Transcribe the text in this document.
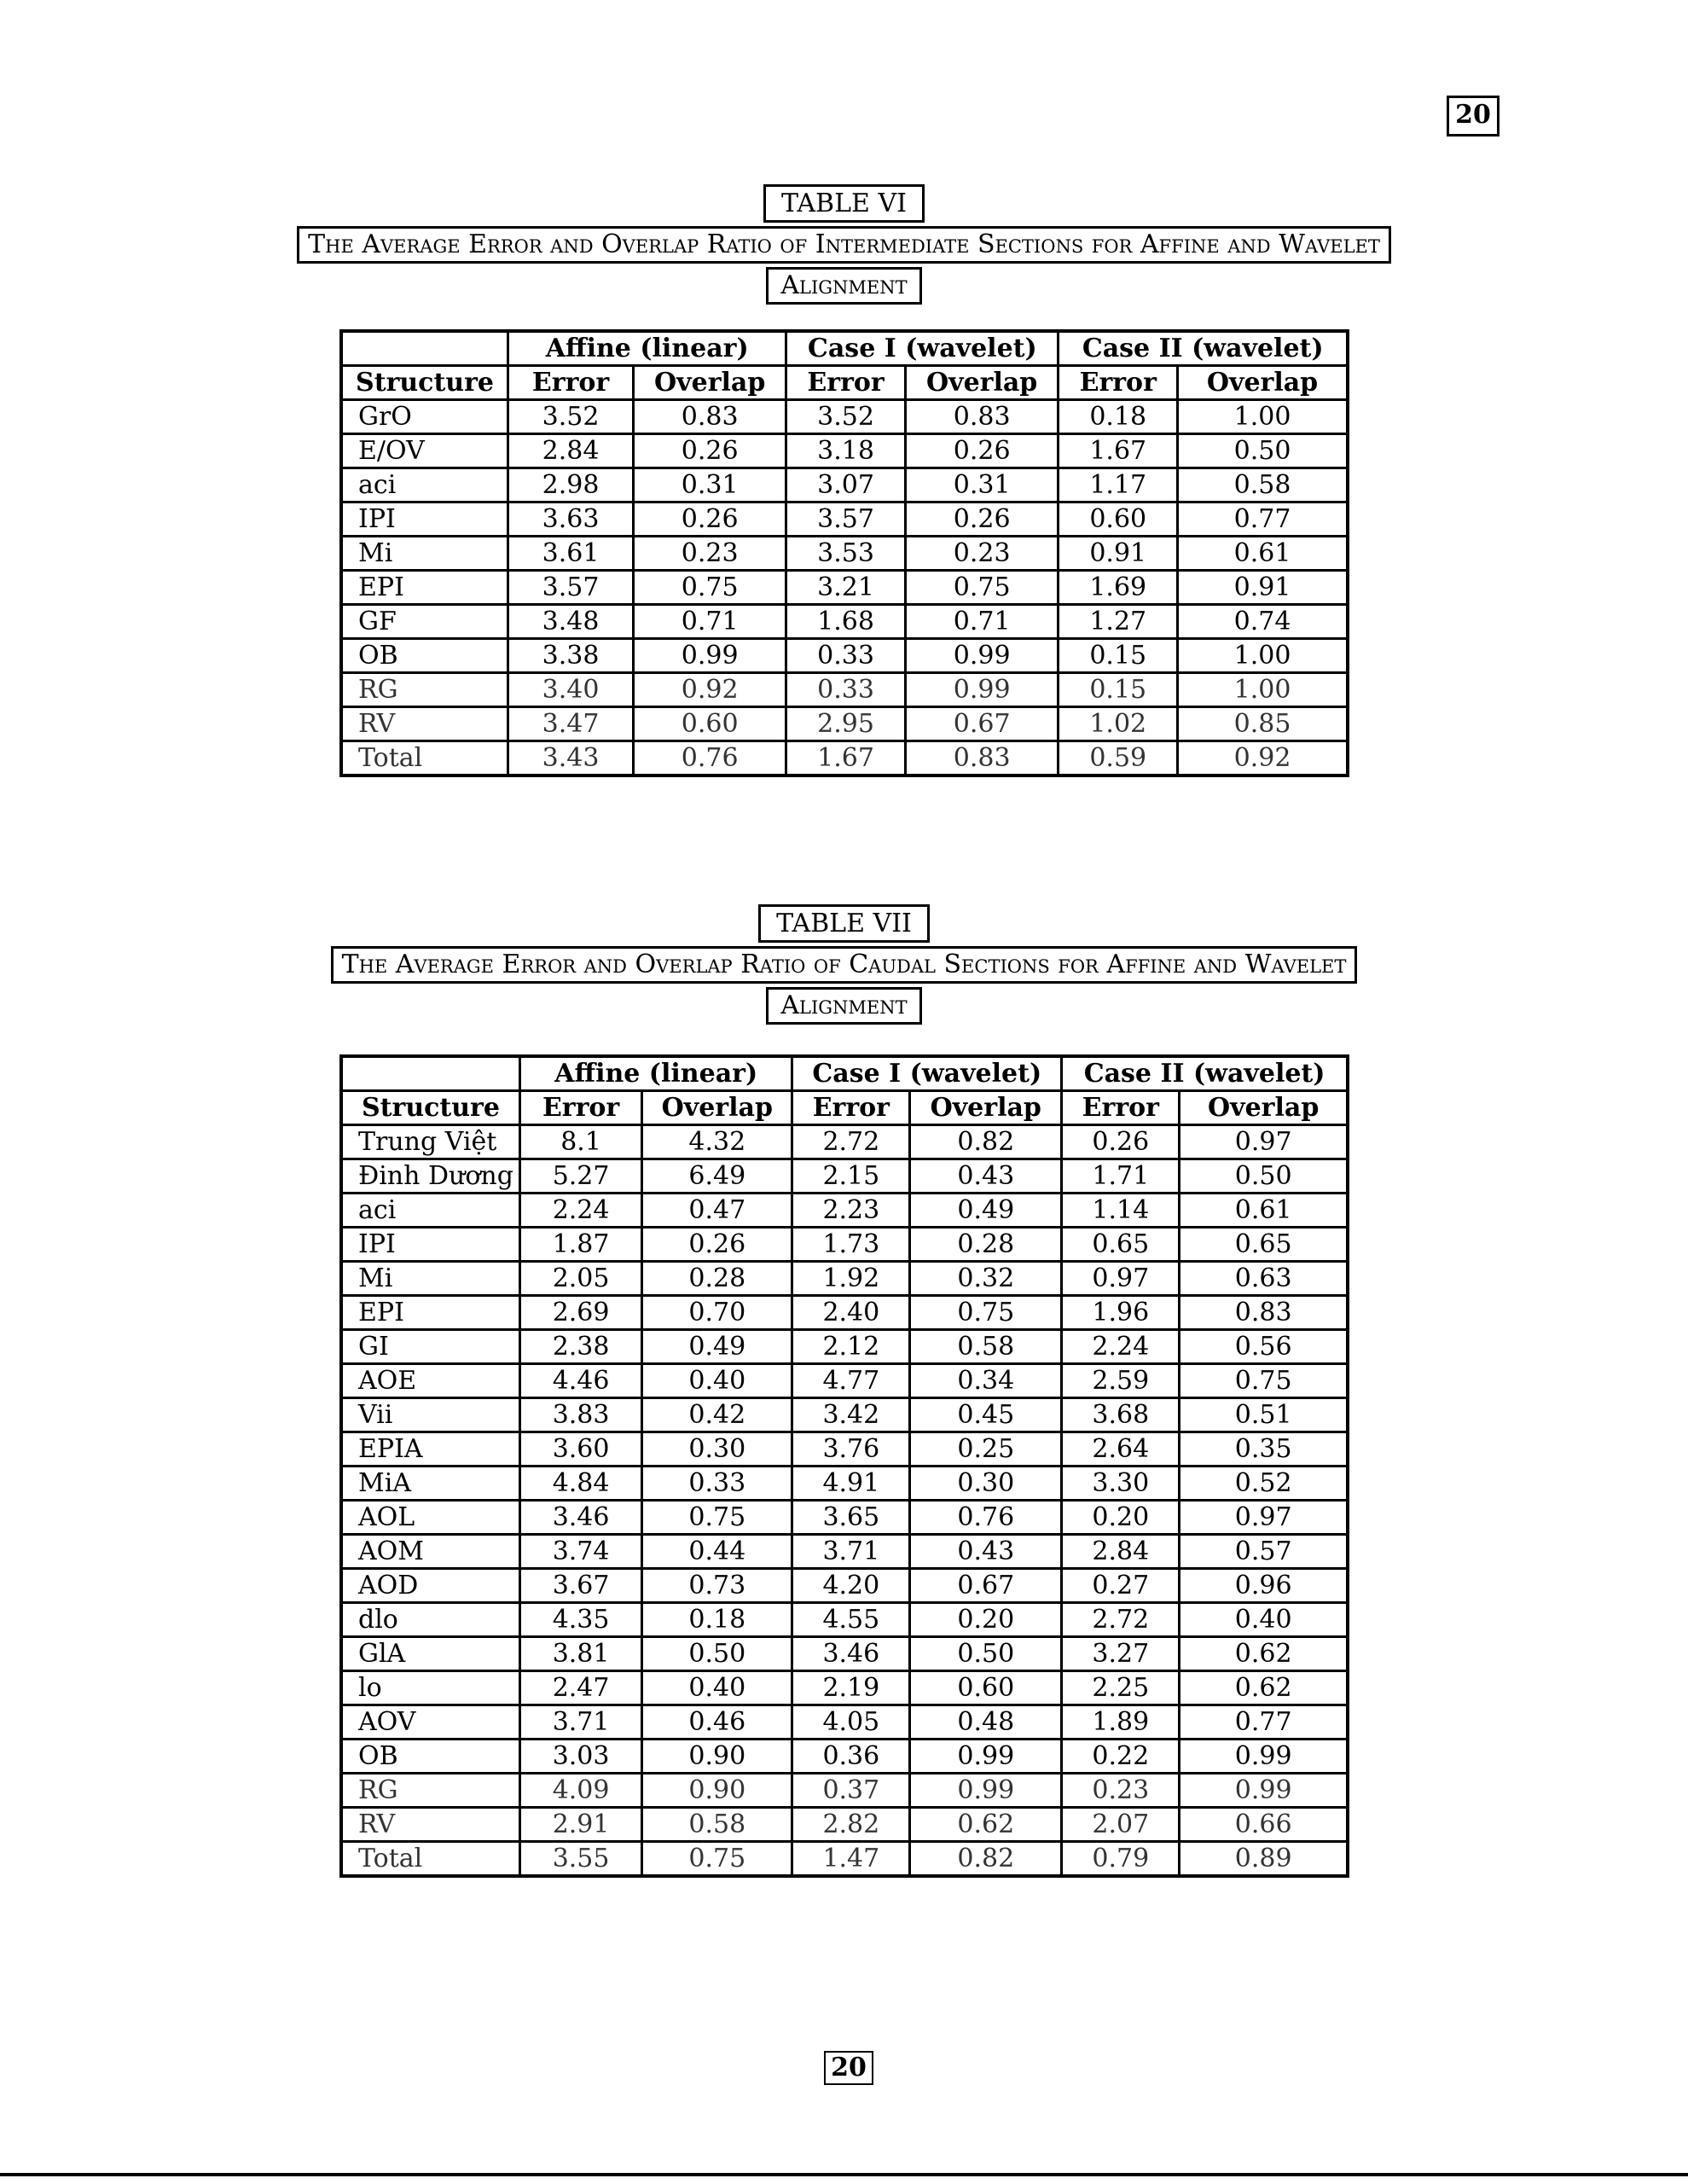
20
TABLE VI
The Average Error and Overlap Ratio of Intermediate Sections for Affine and Wavelet
Alignment
	Affine (linear)		Case I (wavelet)		Case II (wavelet)	
Structure	Error	Overlap	Error	Overlap	Error	Overlap
GrO	3.52	0.83	3.52	0.83	0.18	1.00
E/OV	2.84	0.26	3.18	0.26	1.67	0.50
aci	2.98	0.31	3.07	0.31	1.17	0.58
IPI	3.63	0.26	3.57	0.26	0.60	0.77
Mi	3.61	0.23	3.53	0.23	0.91	0.61
EPI	3.57	0.75	3.21	0.75	1.69	0.91
GF	3.48	0.71	1.68	0.71	1.27	0.74
OB	3.38	0.99	0.33	0.99	0.15	1.00
RG	3.40	0.92	0.33	0.99	0.15	1.00
RV	3.47	0.60	2.95	0.67	1.02	0.85
Total	3.43	0.76	1.67	0.83	0.59	0.92
TABLE VII
The Average Error and Overlap Ratio of Caudal Sections for Affine and Wavelet
Alignment
	Affine (linear)		Case I (wavelet)		Case II (wavelet)	
Structure	Error	Overlap	Error	Overlap	Error	Overlap
Trung Việt	8.1	4.32	2.72	0.82	0.26	0.97
Đinh Dương	5.27	6.49	2.15	0.43	1.71	0.50
aci	2.24	0.47	2.23	0.49	1.14	0.61
IPI	1.87	0.26	1.73	0.28	0.65	0.65
Mi	2.05	0.28	1.92	0.32	0.97	0.63
EPI	2.69	0.70	2.40	0.75	1.96	0.83
GI	2.38	0.49	2.12	0.58	2.24	0.56
AOE	4.46	0.40	4.77	0.34	2.59	0.75
Vii	3.83	0.42	3.42	0.45	3.68	0.51
EPIA	3.60	0.30	3.76	0.25	2.64	0.35
MiA	4.84	0.33	4.91	0.30	3.30	0.52
AOL	3.46	0.75	3.65	0.76	0.20	0.97
AOM	3.74	0.44	3.71	0.43	2.84	0.57
AOD	3.67	0.73	4.20	0.67	0.27	0.96
dlo	4.35	0.18	4.55	0.20	2.72	0.40
GlA	3.81	0.50	3.46	0.50	3.27	0.62
lo	2.47	0.40	2.19	0.60	2.25	0.62
AOV	3.71	0.46	4.05	0.48	1.89	0.77
OB	3.03	0.90	0.36	0.99	0.22	0.99
RG	4.09	0.90	0.37	0.99	0.23	0.99
RV	2.91	0.58	2.82	0.62	2.07	0.66
Total	3.55	0.75	1.47	0.82	0.79	0.89
20
